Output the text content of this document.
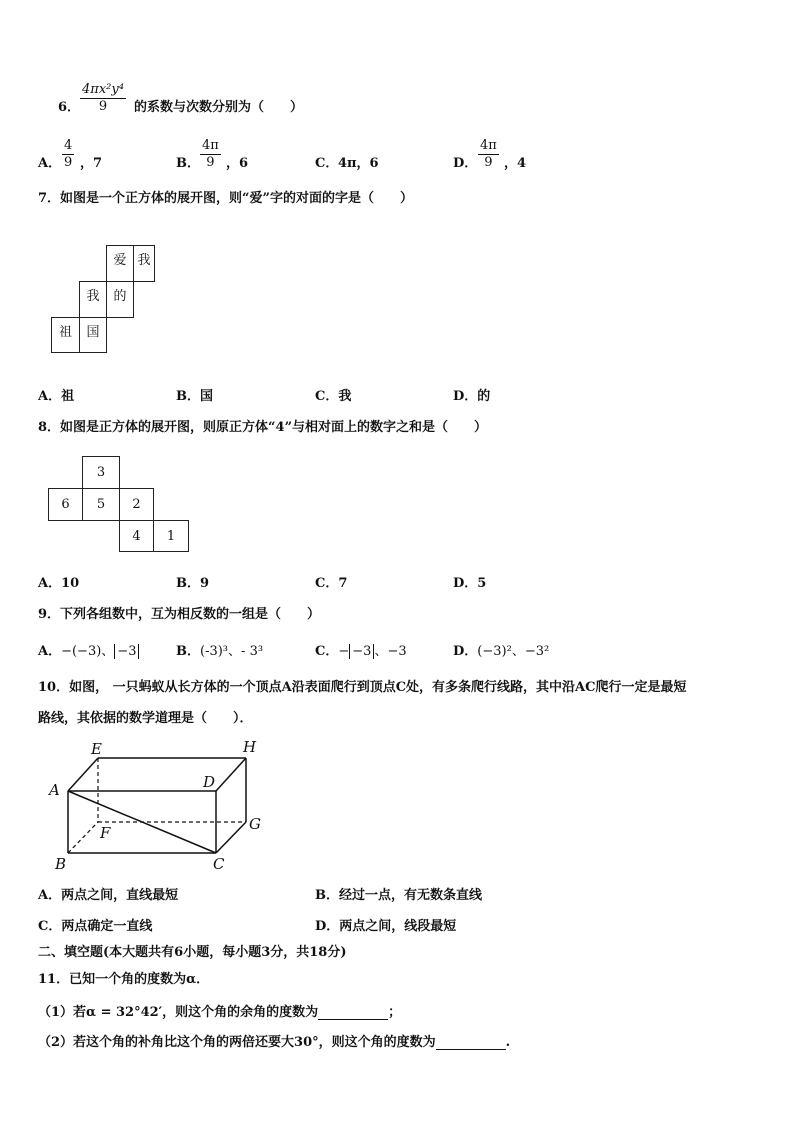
6． $\frac{\text{4πx²y⁴}}{9}$ 的系数与次数分别为（　　）
A． $\frac{4}{9}$ ，7	B． $\frac{4\pi}{9}$ ，6	C． 4π，6	D． $\frac{4\pi}{9}$ ，4
7．如图是一个正方体的展开图，则“爱”字的对面的字是（　　）
爱 我
我	的
祖	国
A．祖	B．国	C．我	D．的
8．如图是正方体的展开图，则原正方体“4”与相对面上的数字之和是（　　）
3
6	5	2
4	1
A．10	B．9	C．7	D．5
9．下列各组数中，互为相反数的一组是（　　）
A．−(−3)、 −3	B．(-3)³、- 3³	C．− −3 、−3	D．(−3)²、−3²
10．如图， 一只蚂蚁从长方体的一个顶点A沿表面爬行到顶点C处，有多条爬行线路，其中沿AC爬行一定是最短
路线，其依据的数学道理是（　　）．
E	H
A	D
F	G
B	C
A．两点之间，直线最短	B．经过一点，有无数条直线
C．两点确定一直线	D．两点之间，线段最短
二、填空题(本大题共有6小题，每小题3分，共18分)
11．已知一个角的度数为α．
（1）若α = 32°42′，则这个角的余角的度数为	；
（2）若这个角的补角比这个角的两倍还要大30°，则这个角的度数为	.
